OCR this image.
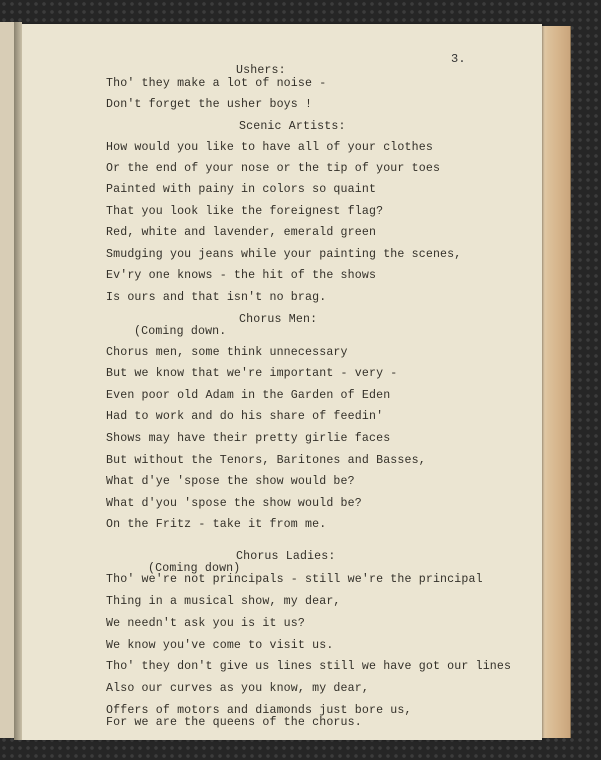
3.
Ushers:
Tho' they make a lot of noise -
Don't forget the usher boys !
Scenic Artists:
How would you like to have all of your clothes
Or the end of your nose or the tip of your toes
Painted with painy in colors so quaint
That you look like the foreignest flag?
Red, white and lavender, emerald green
Smudging you jeans while your painting the scenes,
Ev'ry one knows - the hit of the shows
Is ours and that isn't no brag.
Chorus Men:
(Coming down.
Chorus men, some think unnecessary
But we know that we're important - very -
Even poor old Adam in the Garden of Eden
Had to work and do his share of feedin'
Shows may have their pretty girlie faces
But without the Tenors, Baritones and Basses,
What d'ye 'spose the show would be?
What d'you 'spose the show would be?
On the Fritz - take it from me.
Chorus Ladies:
(Coming down)
Tho' we're not principals - still we're the principal
Thing in a musical show, my dear,
We needn't ask you is it us?
We know you've come to visit us.
Tho' they don't give us lines still we have got our lines
Also our curves as you know, my dear,
Offers of motors and diamonds just bore us,
For we are the queens of the chorus.
